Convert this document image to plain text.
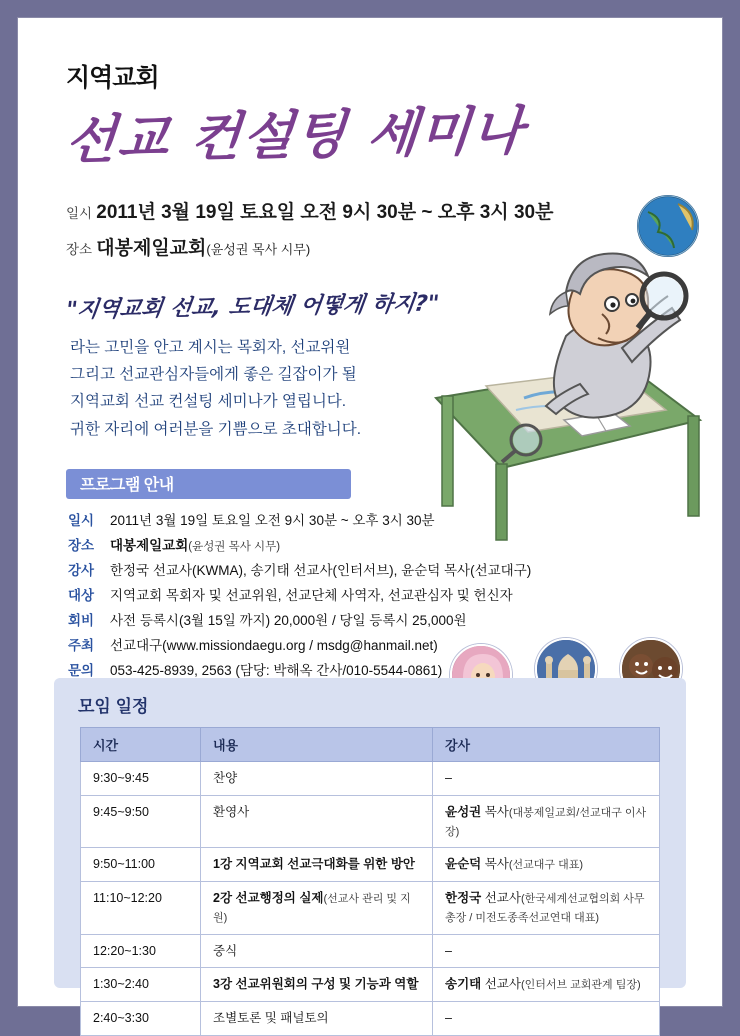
지역교회
선교 컨설팅 세미나
일시 2011년 3월 19일 토요일 오전 9시 30분 ~ 오후 3시 30분
장소 대봉제일교회(윤성권 목사 시무)
"지역교회 선교, 도대체 어떻게 하지?"
라는 고민을 안고 계시는 목회자, 선교위원
그리고 선교관심자들에게 좋은 길잡이가 될
지역교회 선교 컨설팅 세미나가 열립니다.
귀한 자리에 여러분을 기쁨으로 초대합니다.
프로그램 안내
일시	2011년 3월 19일 토요일 오전 9시 30분 ~ 오후 3시 30분
장소	대봉제일교회(윤성권 목사 시무)
강사	한정국 선교사(KWMA), 송기태 선교사(인터서브), 윤순덕 목사(선교대구)
대상	지역교회 목회자 및 선교위원, 선교단체 사역자, 선교관심자 및 헌신자
회비	사전 등록시(3월 15일 까지) 20,000원 / 당일 등록시 25,000원
주최	선교대구(www.missiondaegu.org / msdg@hanmail.net)
문의	053-425-8939, 2563 (담당: 박해옥 간사/010-5544-0861)
모임 일정
시간	내용	강사
9:30~9:45	찬양	–
9:45~9:50	환영사	윤성권 목사(대봉제일교회/선교대구 이사장)
9:50~11:00	1강 지역교회 선교극대화를 위한 방안	윤순덕 목사(선교대구 대표)
11:10~12:20	2강 선교행정의 실제(선교사 관리 및 지원)	한정국 선교사(한국세계선교협의회 사무총장 / 미전도종족선교연대 대표)
12:20~1:30	중식	–
1:30~2:40	3강 선교위원회의 구성 및 기능과 역할	송기태 선교사(인터서브 교회관계 팀장)
2:40~3:30	조별토론 및 패널토의	–
